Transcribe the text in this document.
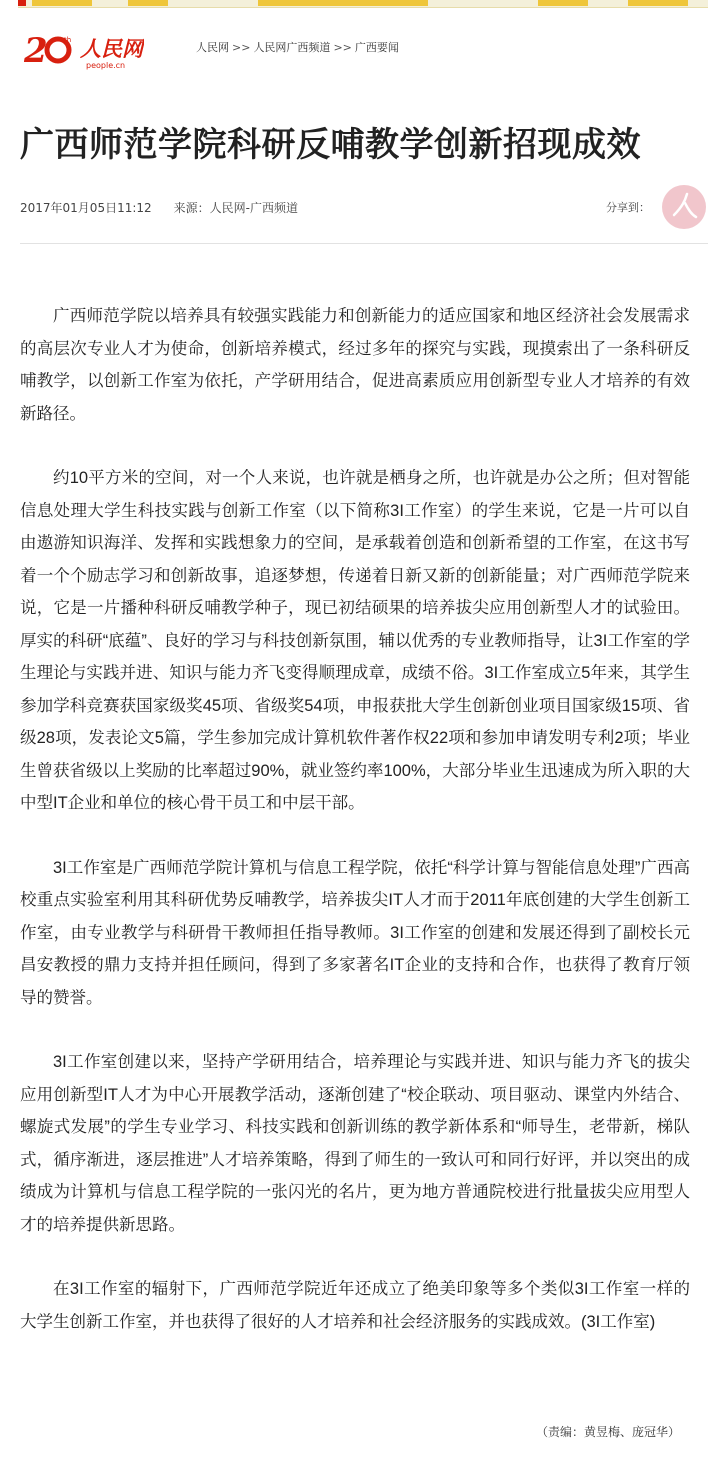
2 th 人民网
people.cn
人民网 >> 人民网广西频道 >> 广西要闻
广西师范学院科研反哺教学创新招现成效
2017年01月05日11:12 来源：人民网-广西频道	分享到：

广西师范学院以培养具有较强实践能力和创新能力的适应国家和地区经济社会发展需求的高层次专业人才为使命，创新培养模式，经过多年的探究与实践，现摸索出了一条科研反哺教学，以创新工作室为依托，产学研用结合，促进高素质应用创新型专业人才培养的有效新路径。

约10平方米的空间，对一个人来说，也许就是栖身之所，也许就是办公之所；但对智能信息处理大学生科技实践与创新工作室（以下简称3I工作室）的学生来说，它是一片可以自由遨游知识海洋、发挥和实践想象力的空间，是承载着创造和创新希望的工作室，在这书写着一个个励志学习和创新故事，追逐梦想，传递着日新又新的创新能量；对广西师范学院来说，它是一片播种科研反哺教学种子，现已初结硕果的培养拔尖应用创新型人才的试验田。厚实的科研“底蕴”、良好的学习与科技创新氛围，辅以优秀的专业教师指导，让3I工作室的学生理论与实践并进、知识与能力齐飞变得顺理成章，成绩不俗。3I工作室成立5年来，其学生参加学科竞赛获国家级奖45项、省级奖54项，申报获批大学生创新创业项目国家级15项、省级28项，发表论文5篇，学生参加完成计算机软件著作权22项和参加申请发明专利2项；毕业生曾获省级以上奖励的比率超过90%，就业签约率100%，大部分毕业生迅速成为所入职的大中型IT企业和单位的核心骨干员工和中层干部。

3I工作室是广西师范学院计算机与信息工程学院，依托“科学计算与智能信息处理”广西高校重点实验室利用其科研优势反哺教学，培养拔尖IT人才而于2011年底创建的大学生创新工作室，由专业教学与科研骨干教师担任指导教师。3I工作室的创建和发展还得到了副校长元昌安教授的鼎力支持并担任顾问，得到了多家著名IT企业的支持和合作，也获得了教育厅领导的赞誉。

3I工作室创建以来，坚持产学研用结合，培养理论与实践并进、知识与能力齐飞的拔尖应用创新型IT人才为中心开展教学活动，逐渐创建了“校企联动、项目驱动、课堂内外结合、螺旋式发展”的学生专业学习、科技实践和创新训练的教学新体系和“师导生，老带新，梯队式，循序渐进，逐层推进”人才培养策略，得到了师生的一致认可和同行好评，并以突出的成绩成为计算机与信息工程学院的一张闪光的名片，更为地方普通院校进行批量拔尖应用型人才的培养提供新思路。

在3I工作室的辐射下，广西师范学院近年还成立了绝美印象等多个类似3I工作室一样的大学生创新工作室，并也获得了很好的人才培养和社会经济服务的实践成效。(3I工作室)

（责编：黄昱梅、庞冠华）
